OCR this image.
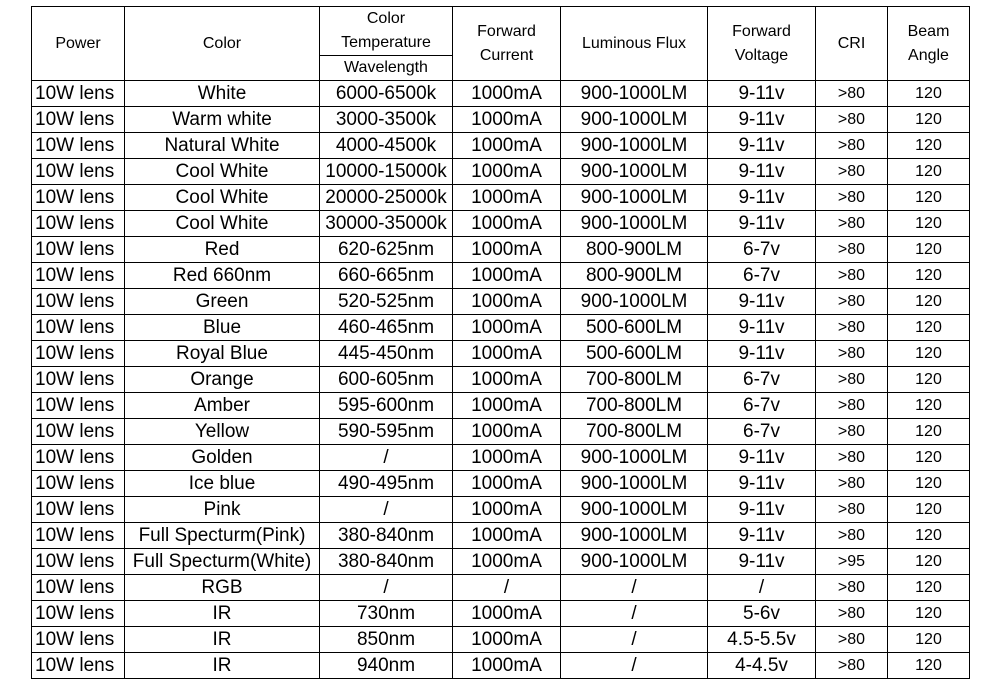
Power	Color	Color Temperature	Forward Current	Luminous Flux	Forward Voltage	CRI	Beam Angle
		Wavelength					
10W lens	White	6000-6500k	1000mA	900-1000LM	9-11v	>80	120
10W lens	Warm white	3000-3500k	1000mA	900-1000LM	9-11v	>80	120
10W lens	Natural White	4000-4500k	1000mA	900-1000LM	9-11v	>80	120
10W lens	Cool White	10000-15000k	1000mA	900-1000LM	9-11v	>80	120
10W lens	Cool White	20000-25000k	1000mA	900-1000LM	9-11v	>80	120
10W lens	Cool White	30000-35000k	1000mA	900-1000LM	9-11v	>80	120
10W lens	Red	620-625nm	1000mA	800-900LM	6-7v	>80	120
10W lens	Red 660nm	660-665nm	1000mA	800-900LM	6-7v	>80	120
10W lens	Green	520-525nm	1000mA	900-1000LM	9-11v	>80	120
10W lens	Blue	460-465nm	1000mA	500-600LM	9-11v	>80	120
10W lens	Royal Blue	445-450nm	1000mA	500-600LM	9-11v	>80	120
10W lens	Orange	600-605nm	1000mA	700-800LM	6-7v	>80	120
10W lens	Amber	595-600nm	1000mA	700-800LM	6-7v	>80	120
10W lens	Yellow	590-595nm	1000mA	700-800LM	6-7v	>80	120
10W lens	Golden	/	1000mA	900-1000LM	9-11v	>80	120
10W lens	Ice blue	490-495nm	1000mA	900-1000LM	9-11v	>80	120
10W lens	Pink	/	1000mA	900-1000LM	9-11v	>80	120
10W lens	Full Specturm(Pink)	380-840nm	1000mA	900-1000LM	9-11v	>80	120
10W lens	Full Specturm(White)	380-840nm	1000mA	900-1000LM	9-11v	>95	120
10W lens	RGB	/	/	/	/	>80	120
10W lens	IR	730nm	1000mA	/	5-6v	>80	120
10W lens	IR	850nm	1000mA	/	4.5-5.5v	>80	120
10W lens	IR	940nm	1000mA	/	4-4.5v	>80	120
